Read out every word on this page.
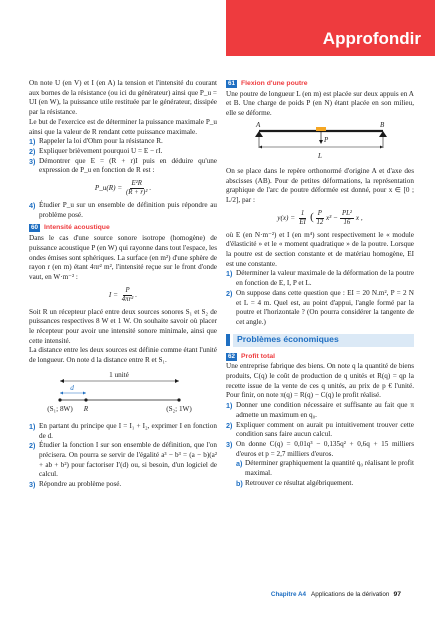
Approfondir

On note U (en V) et I (en A) la tension et l'intensité du courant aux bornes de la résistance (ou ici du générateur) ainsi que P_u = UI (en W), la puissance utile restituée par le générateur, dissipée par la résistance.

Le but de l'exercice est de déterminer la puissance maximale P_u ainsi que la valeur de R rendant cette puissance maximale.

1) Rappeler la loi d'Ohm pour la résistance R.
2) Expliquer brièvement pourquoi U = E − rI.
3) Démontrer que E = (R + r)I puis en déduire qu'une expression de P_u en fonction de R est :
P_u(R) = $\frac{\text{E²R}}{\text{(R + r)²}}$ .
4) Étudier P_u sur un ensemble de définition puis répondre au problème posé.
60 Intensité acoustique

Dans le cas d'une source sonore isotrope (homogène) de puissance acoustique P (en W) qui rayonne dans tout l'espace, les ondes émises sont sphériques. La surface (en m²) d'une sphère de rayon r (en m) étant 4πr² m², l'intensité reçue sur le front d'onde vaut, en W·m⁻² :

$I = \frac{P}{\text{4πr²}}$ .

Soit R un récepteur placé entre deux sources sonores S₁ et S₂ de puissances respectives 8 W et 1 W. On souhaite savoir où placer le récepteur pour avoir une intensité sonore minimale, ainsi que cette intensité.

La distance entre les deux sources est définie comme étant l'unité de longueur. On note d la distance entre R et S₁.

1 unité
d
(S₁; 8W) R	(S₂; 1W)
1) En partant du principe que I = I₁ + I₂, exprimer I en fonction de d.
2) Étudier la fonction I sur son ensemble de définition, que l'on précisera. On pourra se servir de l'égalité a³ − b³ = (a − b)(a² + ab + b²) pour factoriser I′(d) ou, si besoin, d'un logiciel de calcul.
3) Répondre au problème posé.
61 Flexion d'une poutre

Une poutre de longueur L (en m) est placée sur deux appuis en A et B. Une charge de poids P (en N) étant placée en son milieu, elle se déforme.

A	B
P
L

On se place dans le repère orthonormé d'origine A et d'axe des abscisses (AB). Pour de petites déformations, la représentation graphique de l'arc de poutre déformée est donné, pour x ∈ [0 ; L/2], par :

$y(x) = \frac{1}{EI}$ ( $\frac{P}{12} x^3 - \frac{\text{PL²}}{16}$ x ,

où E (en N·m⁻²) et I (en m⁴) sont respectivement le « module d'élasticité » et le « moment quadratique » de la poutre. Lorsque la poutre est de section constante et de matériau homogène, EI est une constante.

1) Déterminer la valeur maximale de la déformation de la poutre en fonction de E, I, P et L.
2) On suppose dans cette question que : EI = 20 N.m², P = 2 N et L = 4 m. Quel est, au point d'appui, l'angle formé par la poutre et l'horizontale ? (On pourra considérer la tangente de cet angle.)
Problèmes économiques
62 Profit total

Une entreprise fabrique des biens. On note q la quantité de biens produits, C(q) le coût de production de q unités et R(q) = qp la recette issue de la vente de ces q unités, au prix de p € l'unité. Pour finir, on note π(q) = R(q) − C(q) le profit réalisé.

1) Donner une condition nécessaire et suffisante au fait que π admette un maximum en q₀.
2) Expliquer comment on aurait pu intuitivement trouver cette condition sans faire aucun calcul.
3) On donne C(q) = 0,01q³ − 0,135q² + 0,6q + 15 milliers d'euros et p = 2,7 milliers d'euros.
a) Déterminer graphiquement la quantité q₀ réalisant le profit maximal.
b) Retrouver ce résultat algébriquement.
Chapitre A4 Applications de la dérivation 97
